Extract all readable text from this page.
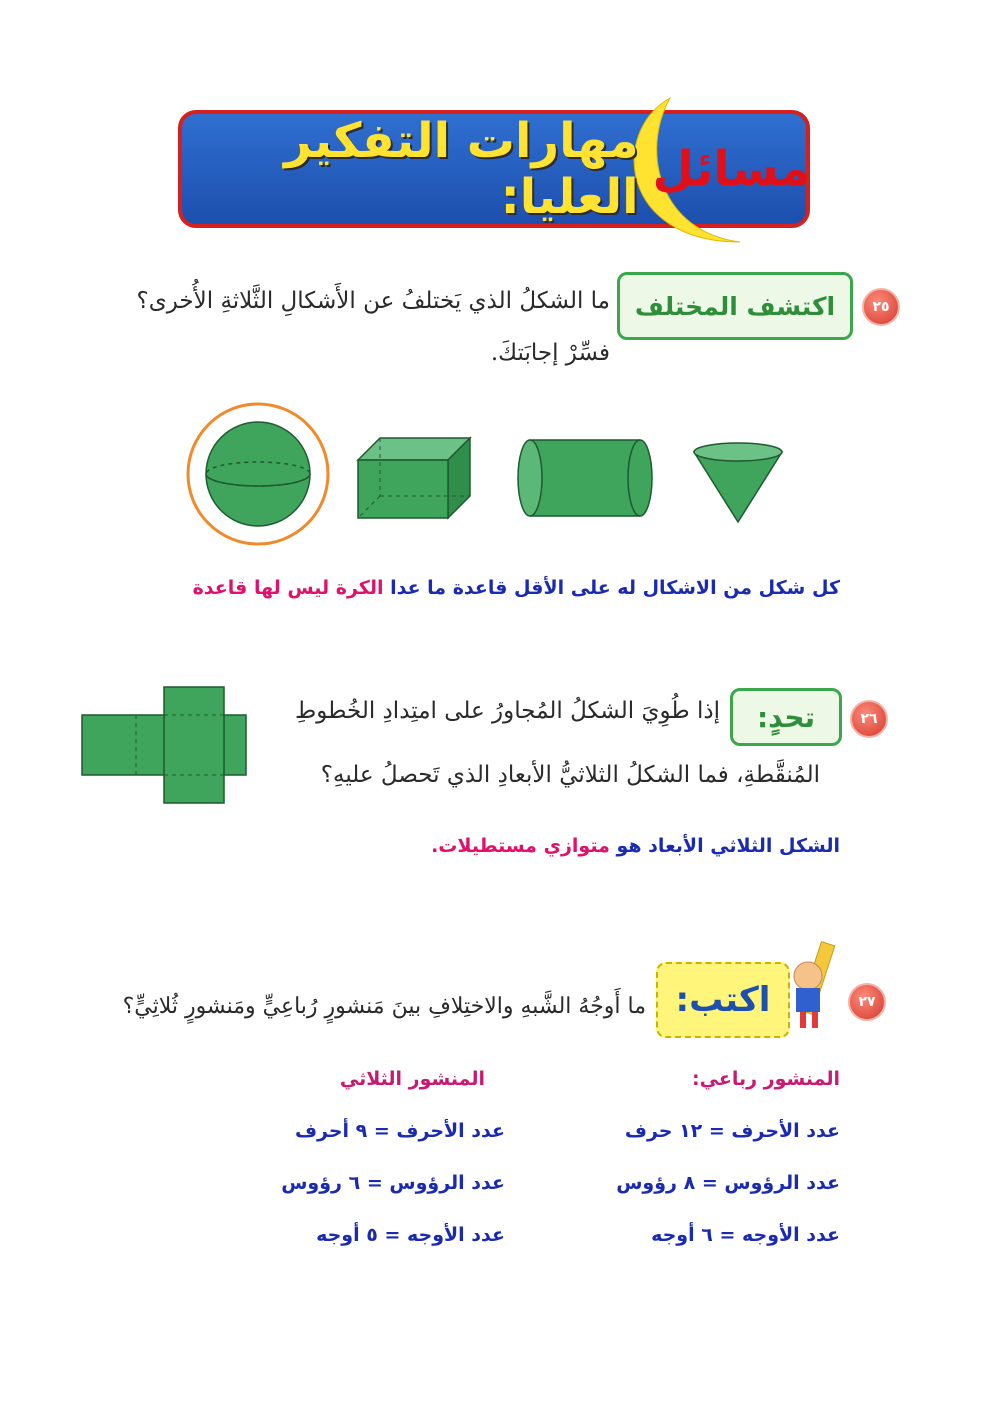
مسائل
مهارات التفكير العليا:
٢٥
اكتشف المختلف
ما الشكلُ الذي يَختلفُ عن الأَشكالِ الثَّلاثةِ الأُخرى؟
فسِّرْ إجابَتكَ.
كل شكل من الاشكال له على الأقل قاعدة ما عدا الكرة ليس لها قاعدة
٢٦
تحدٍ:
إذا طُوِيَ الشكلُ المُجاورُ على امتِدادِ الخُطوطِ
المُنقَّطةِ، فما الشكلُ الثلاثيُّ الأبعادِ الذي تَحصلُ عليهِ؟
الشكل الثلاثي الأبعاد هو متوازي مستطيلات.
٢٧
اكتب:
ما أَوجُهُ الشَّبهِ والاختِلافِ بينَ مَنشورٍ رُباعِيٍّ ومَنشورٍ ثُلاثِيٍّ؟
المنشور رباعي:
المنشور الثلاثي
عدد الأحرف = ١٢ حرف
عدد الرؤوس = ٨ رؤوس
عدد الأوجه = ٦ أوجه
عدد الأحرف = ٩ أحرف
عدد الرؤوس = ٦ رؤوس
عدد الأوجه = ٥ أوجه
